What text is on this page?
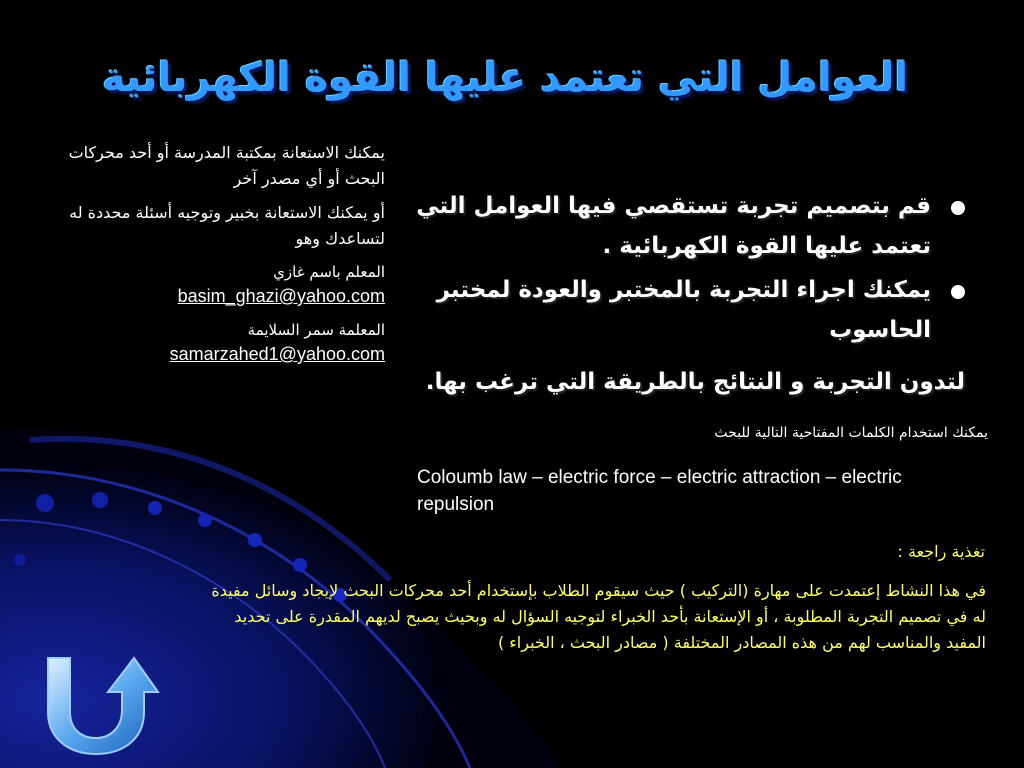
العوامل التي تعتمد عليها القوة الكهربائية

يمكنك الاستعانة بمكتبة المدرسة أو أحد محركات البحث أو أي مصدر آخر

أو يمكنك الاستعانة بخبير وتوجيه أسئلة محددة له لتساعدك وهو

المعلم باسم غازي

basim_ghazi@yahoo.com

المعلمة سمر السلايمة

samarzahed1@yahoo.com

قم بتصميم تجربة تستقصي فيها العوامل التي تعتمد عليها القوة الكهربائية .
يمكنك اجراء التجربة بالمختبر والعودة لمختبر الحاسوب
لتدون التجربة و النتائج بالطريقة التي ترغب بها.
يمكنك استخدام الكلمات المفتاحية التالية للبحث
Coloumb law – electric force – electric attraction – electric repulsion
تغذية راجعة :
في هذا النشاط إعتمدت على مهارة (التركيب ) حيث سيقوم الطلاب بإستخدام أحد محركات البحث لإيجاد وسائل مفيدة له في تصميم التجربة المطلوبة ، أو الإستعانة بأحد الخبراء لتوجيه السؤال له وبحيث يصبح لديهم المقدرة على تحديد المفيد والمناسب لهم من هذه المصادر المختلفة ( مصادر البحث ، الخبراء )
